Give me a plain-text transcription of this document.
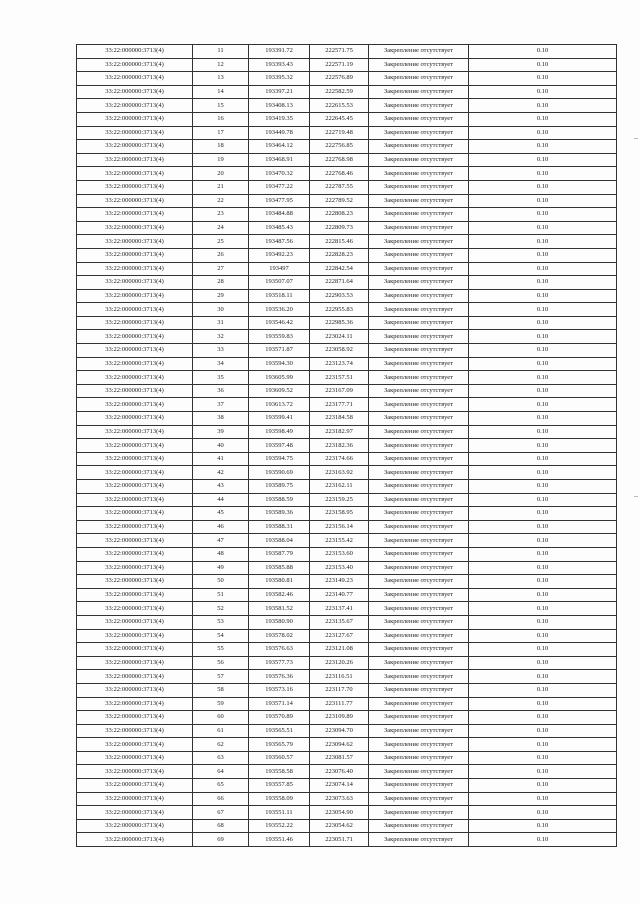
33:22:000000:3713(4)	11	193391.72	222571.75	Закрепление отсутствует	0.10
33:22:000000:3713(4)	12	193393.43	222571.19	Закрепление отсутствует	0.10
33:22:000000:3713(4)	13	193395.32	222576.89	Закрепление отсутствует	0.10
33:22:000000:3713(4)	14	193397.21	222582.59	Закрепление отсутствует	0.10
33:22:000000:3713(4)	15	193408.13	222615.53	Закрепление отсутствует	0.10
33:22:000000:3713(4)	16	193419.35	222645.45	Закрепление отсутствует	0.10
33:22:000000:3713(4)	17	193449.78	222719.48	Закрепление отсутствует	0.10
33:22:000000:3713(4)	18	193464.12	222756.85	Закрепление отсутствует	0.10
33:22:000000:3713(4)	19	193468.91	222768.98	Закрепление отсутствует	0.10
33:22:000000:3713(4)	20	193470.32	222768.46	Закрепление отсутствует	0.10
33:22:000000:3713(4)	21	193477.22	222787.55	Закрепление отсутствует	0.10
33:22:000000:3713(4)	22	193477.95	222789.52	Закрепление отсутствует	0.10
33:22:000000:3713(4)	23	193484.88	222808.23	Закрепление отсутствует	0.10
33:22:000000:3713(4)	24	193485.43	222809.73	Закрепление отсутствует	0.10
33:22:000000:3713(4)	25	193487.56	222815.46	Закрепление отсутствует	0.10
33:22:000000:3713(4)	26	193492.23	222828.23	Закрепление отсутствует	0.10
33:22:000000:3713(4)	27	193497	222842.54	Закрепление отсутствует	0.10
33:22:000000:3713(4)	28	193507.07	222871.64	Закрепление отсутствует	0.10
33:22:000000:3713(4)	29	193518.11	222903.53	Закрепление отсутствует	0.10
33:22:000000:3713(4)	30	193536.20	222955.83	Закрепление отсутствует	0.10
33:22:000000:3713(4)	31	193546.42	222985.36	Закрепление отсутствует	0.10
33:22:000000:3713(4)	32	193559.83	223024.11	Закрепление отсутствует	0.10
33:22:000000:3713(4)	33	193571.87	223058.92	Закрепление отсутствует	0.10
33:22:000000:3713(4)	34	193594.30	223123.74	Закрепление отсутствует	0.10
33:22:000000:3713(4)	35	193605.99	223157.51	Закрепление отсутствует	0.10
33:22:000000:3713(4)	36	193609.52	223167.09	Закрепление отсутствует	0.10
33:22:000000:3713(4)	37	193613.72	223177.71	Закрепление отсутствует	0.10
33:22:000000:3713(4)	38	193599.41	223184.58	Закрепление отсутствует	0.10
33:22:000000:3713(4)	39	193598.49	223182.97	Закрепление отсутствует	0.10
33:22:000000:3713(4)	40	193597.48	223182.36	Закрепление отсутствует	0.10
33:22:000000:3713(4)	41	193594.75	223174.66	Закрепление отсутствует	0.10
33:22:000000:3713(4)	42	193590.69	223163.92	Закрепление отсутствует	0.10
33:22:000000:3713(4)	43	193589.75	223162.11	Закрепление отсутствует	0.10
33:22:000000:3713(4)	44	193588.59	223159.25	Закрепление отсутствует	0.10
33:22:000000:3713(4)	45	193589.36	223158.95	Закрепление отсутствует	0.10
33:22:000000:3713(4)	46	193588.31	223156.14	Закрепление отсутствует	0.10
33:22:000000:3713(4)	47	193588.04	223155.42	Закрепление отсутствует	0.10
33:22:000000:3713(4)	48	193587.79	223153.60	Закрепление отсутствует	0.10
33:22:000000:3713(4)	49	193585.88	223153.40	Закрепление отсутствует	0.10
33:22:000000:3713(4)	50	193580.81	223149.23	Закрепление отсутствует	0.10
33:22:000000:3713(4)	51	193582.46	223140.77	Закрепление отсутствует	0.10
33:22:000000:3713(4)	52	193581.52	223137.41	Закрепление отсутствует	0.10
33:22:000000:3713(4)	53	193580.90	223135.67	Закрепление отсутствует	0.10
33:22:000000:3713(4)	54	193578.02	223127.67	Закрепление отсутствует	0.10
33:22:000000:3713(4)	55	193576.63	223121.08	Закрепление отсутствует	0.10
33:22:000000:3713(4)	56	193577.73	223120.26	Закрепление отсутствует	0.10
33:22:000000:3713(4)	57	193576.36	223116.51	Закрепление отсутствует	0.10
33:22:000000:3713(4)	58	193573.16	223117.70	Закрепление отсутствует	0.10
33:22:000000:3713(4)	59	193571.14	223111.77	Закрепление отсутствует	0.10
33:22:000000:3713(4)	60	193570.89	223109.89	Закрепление отсутствует	0.10
33:22:000000:3713(4)	61	193565.51	223094.70	Закрепление отсутствует	0.10
33:22:000000:3713(4)	62	193565.79	223094.62	Закрепление отсутствует	0.10
33:22:000000:3713(4)	63	193560.57	223081.57	Закрепление отсутствует	0.10
33:22:000000:3713(4)	64	193558.58	223076.40	Закрепление отсутствует	0.10
33:22:000000:3713(4)	65	193557.85	223074.14	Закрепление отсутствует	0.10
33:22:000000:3713(4)	66	193558.09	223073.63	Закрепление отсутствует	0.10
33:22:000000:3713(4)	67	193551.11	223054.90	Закрепление отсутствует	0.10
33:22:000000:3713(4)	68	193552.22	223054.62	Закрепление отсутствует	0.10
33:22:000000:3713(4)	69	193551.46	223051.71	Закрепление отсутствует	0.10
